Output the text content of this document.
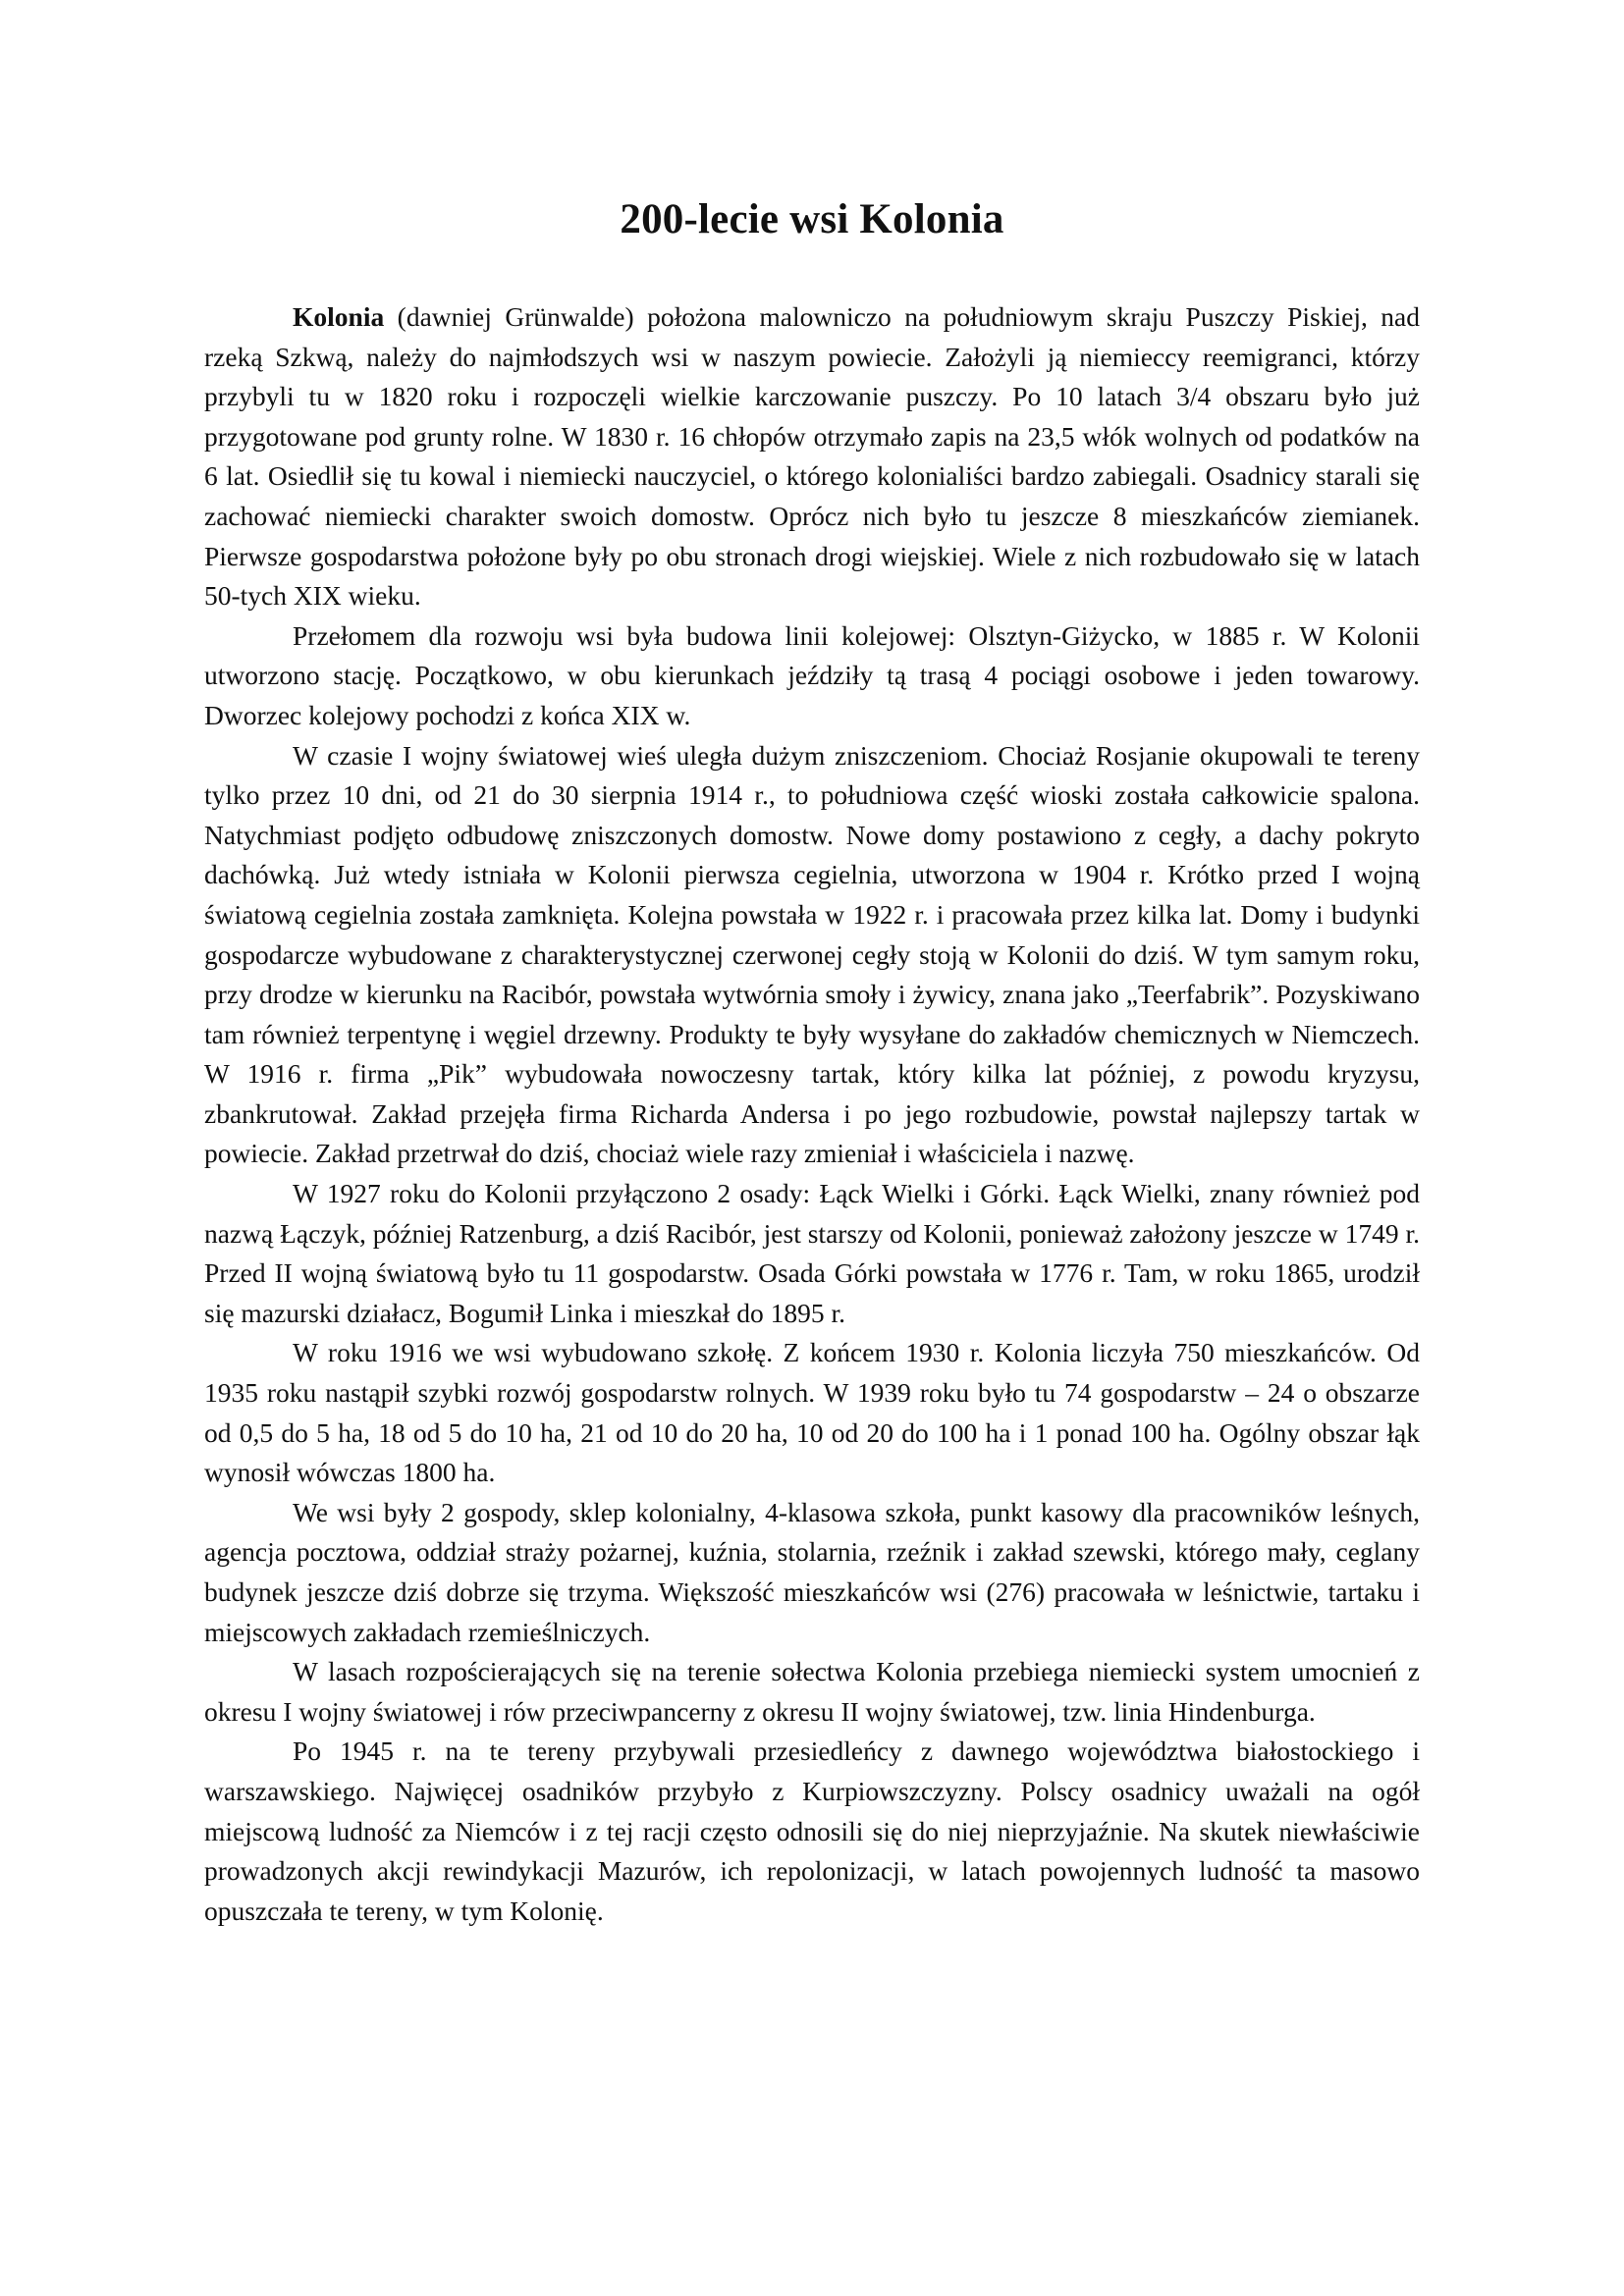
200-lecie wsi Kolonia

Kolonia (dawniej Grünwalde) położona malowniczo na południowym skraju Puszczy Piskiej, nad rzeką Szkwą, należy do najmłodszych wsi w naszym powiecie. Założyli ją niemieccy reemigranci, którzy przybyli tu w 1820 roku i rozpoczęli wielkie karczowanie puszczy. Po 10 latach 3/4 obszaru było już przygotowane pod grunty rolne. W 1830 r. 16 chłopów otrzymało zapis na 23,5 włók wolnych od podatków na 6 lat. Osiedlił się tu kowal i niemiecki nauczyciel, o którego kolonialiści bardzo zabiegali. Osadnicy starali się zachować niemiecki charakter swoich domostw. Oprócz nich było tu jeszcze 8 mieszkańców ziemianek. Pierwsze gospodarstwa położone były po obu stronach drogi wiejskiej. Wiele z nich rozbudowało się w latach 50-tych XIX wieku.

Przełomem dla rozwoju wsi była budowa linii kolejowej: Olsztyn-Giżycko, w 1885 r. W Kolonii utworzono stację. Początkowo, w obu kierunkach jeździły tą trasą 4 pociągi osobowe i jeden towarowy. Dworzec kolejowy pochodzi z końca XIX w.

W czasie I wojny światowej wieś uległa dużym zniszczeniom. Chociaż Rosjanie okupowali te tereny tylko przez 10 dni, od 21 do 30 sierpnia 1914 r., to południowa część wioski została całkowicie spalona. Natychmiast podjęto odbudowę zniszczonych domostw. Nowe domy postawiono z cegły, a dachy pokryto dachówką. Już wtedy istniała w Kolonii pierwsza cegielnia, utworzona w 1904 r. Krótko przed I wojną światową cegielnia została zamknięta. Kolejna powstała w 1922 r. i pracowała przez kilka lat. Domy i budynki gospodarcze wybudowane z charakterystycznej czerwonej cegły stoją w Kolonii do dziś. W tym samym roku, przy drodze w kierunku na Racibór, powstała wytwórnia smoły i żywicy, znana jako „Teerfabrik”. Pozyskiwano tam również terpentynę i węgiel drzewny. Produkty te były wysyłane do zakładów chemicznych w Niemczech. W 1916 r. firma „Pik” wybudowała nowoczesny tartak, który kilka lat później, z powodu kryzysu, zbankrutował. Zakład przejęła firma Richarda Andersa i po jego rozbudowie, powstał najlepszy tartak w powiecie. Zakład przetrwał do dziś, chociaż wiele razy zmieniał i właściciela i nazwę.

W 1927 roku do Kolonii przyłączono 2 osady: Łąck Wielki i Górki. Łąck Wielki, znany również pod nazwą Łączyk, później Ratzenburg, a dziś Racibór, jest starszy od Kolonii, ponieważ założony jeszcze w 1749 r. Przed II wojną światową było tu 11 gospodarstw. Osada Górki powstała w 1776 r. Tam, w roku 1865, urodził się mazurski działacz, Bogumił Linka i mieszkał do 1895 r.

W roku 1916 we wsi wybudowano szkołę. Z końcem 1930 r. Kolonia liczyła 750 mieszkańców. Od 1935 roku nastąpił szybki rozwój gospodarstw rolnych. W 1939 roku było tu 74 gospodarstw – 24 o obszarze od 0,5 do 5 ha, 18 od 5 do 10 ha, 21 od 10 do 20 ha, 10 od 20 do 100 ha i 1 ponad 100 ha. Ogólny obszar łąk wynosił wówczas 1800 ha.

We wsi były 2 gospody, sklep kolonialny, 4-klasowa szkoła, punkt kasowy dla pracowników leśnych, agencja pocztowa, oddział straży pożarnej, kuźnia, stolarnia, rzeźnik i zakład szewski, którego mały, ceglany budynek jeszcze dziś dobrze się trzyma. Większość mieszkańców wsi (276) pracowała w leśnictwie, tartaku i miejscowych zakładach rzemieślniczych.

W lasach rozpościerających się na terenie sołectwa Kolonia przebiega niemiecki system umocnień z okresu I wojny światowej i rów przeciwpancerny z okresu II wojny światowej, tzw. linia Hindenburga.

Po 1945 r. na te tereny przybywali przesiedleńcy z dawnego województwa białostockiego i warszawskiego. Najwięcej osadników przybyło z Kurpiowszczyzny. Polscy osadnicy uważali na ogół miejscową ludność za Niemców i z tej racji często odnosili się do niej nieprzyjaźnie. Na skutek niewłaściwie prowadzonych akcji rewindykacji Mazurów, ich repolonizacji, w latach powojennych ludność ta masowo opuszczała te tereny, w tym Kolonię.
